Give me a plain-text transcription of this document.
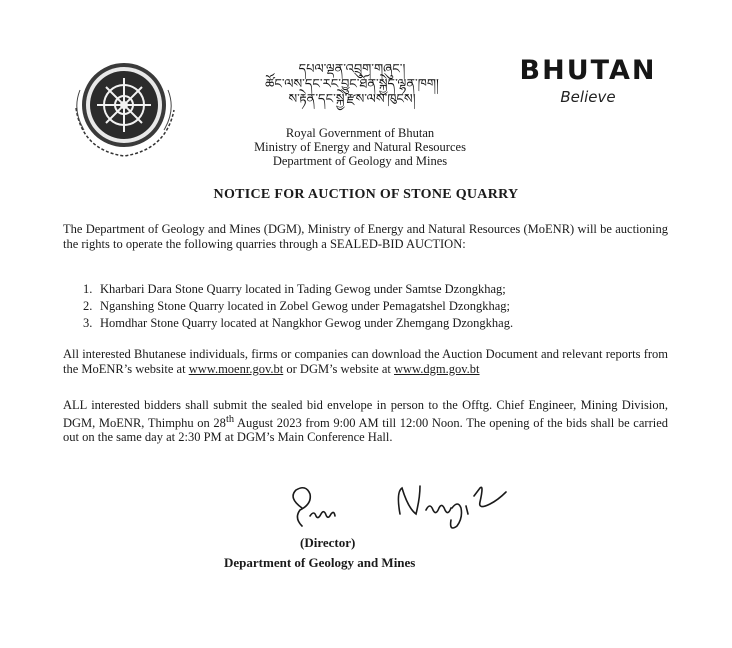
དཔལ་ལྡན་འབྲུག་གཞུང་།
ཚོང་ལས་དང་རང་བྱུང་ཐོན་སྐྱེད་ལྷན་ཁག།
ས་རྟེན་དང་སྐྱེ་རྫས་ལས་ཁུངས།
BHUTAN
Believe
Royal Government of Bhutan
Ministry of Energy and Natural Resources
Department of Geology and Mines
NOTICE FOR AUCTION OF STONE QUARRY
The Department of Geology and Mines (DGM), Ministry of Energy and Natural Resources (MoENR) will be auctioning the rights to operate the following quarries through a SEALED-BID AUCTION:
1. Kharbari Dara Stone Quarry located in Tading Gewog under Samtse Dzongkhag;
2. Nganshing Stone Quarry located in Zobel Gewog under Pemagatshel Dzongkhag;
3. Homdhar Stone Quarry located at Nangkhor Gewog under Zhemgang Dzongkhag.
All interested Bhutanese individuals, firms or companies can download the Auction Document and relevant reports from the MoENR’s website at www.moenr.gov.bt or DGM’s website at www.dgm.gov.bt
ALL interested bidders shall submit the sealed bid envelope in person to the Offtg. Chief Engineer, Mining Division, DGM, MoENR, Thimphu on 28th August 2023 from 9:00 AM till 12:00 Noon. The opening of the bids shall be carried out on the same day at 2:30 PM at DGM’s Main Conference Hall.
(Director)
Department of Geology and Mines
